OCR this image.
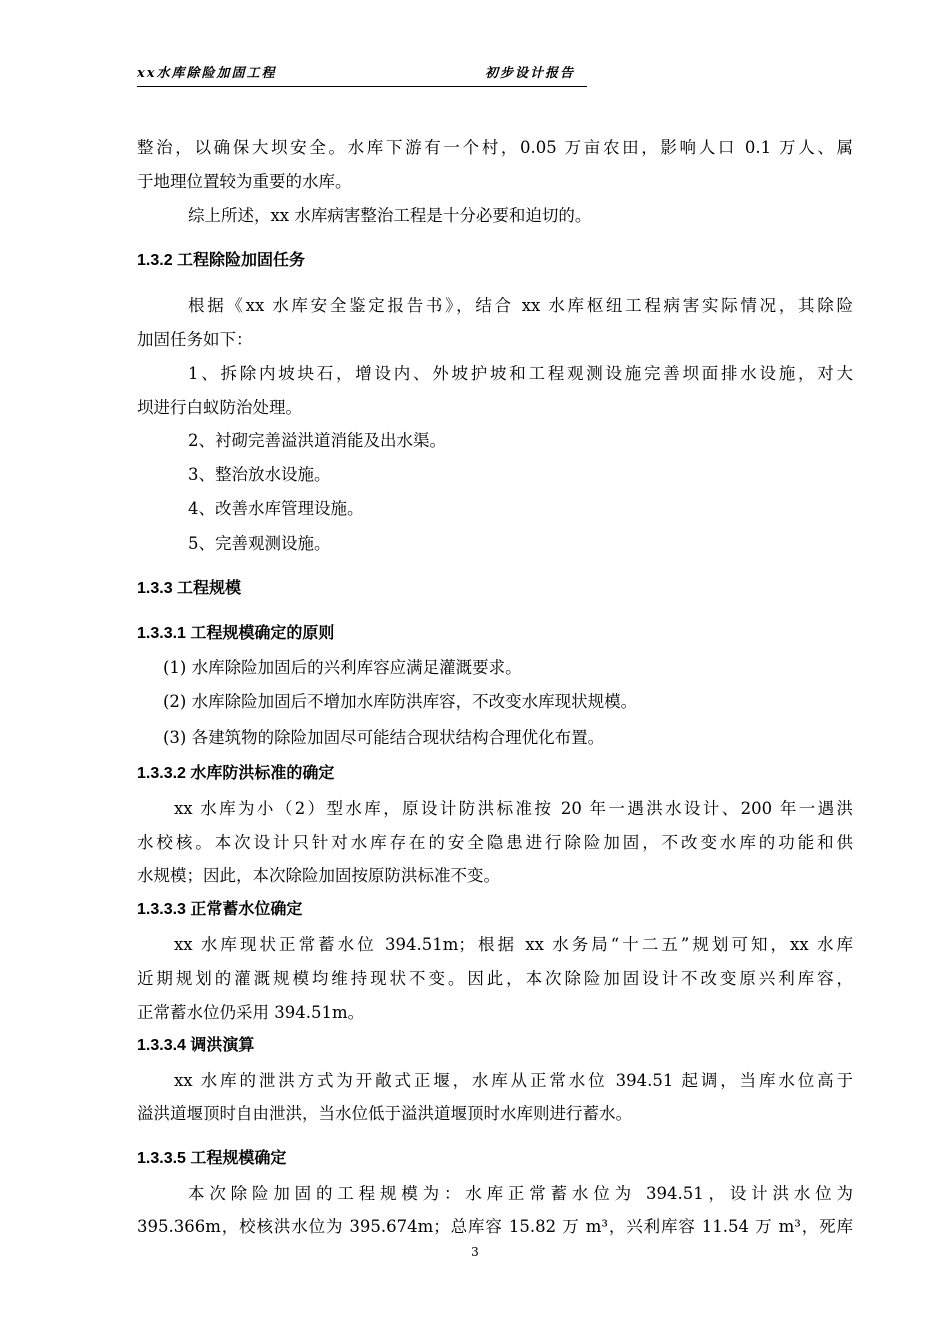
xx水库除险加固工程	初步设计报告
整治，以确保大坝安全。水库下游有一个村，0.05 万亩农田，影响人口 0.1 万人、属
于地理位置较为重要的水库。
综上所述，xx 水库病害整治工程是十分必要和迫切的。
1.3.2 工程除险加固任务
根据《xx 水库安全鉴定报告书》，结合 xx 水库枢纽工程病害实际情况，其除险
加固任务如下：
1、拆除内坡块石，增设内、外坡护坡和工程观测设施完善坝面排水设施，对大
坝进行白蚁防治处理。
2、衬砌完善溢洪道消能及出水渠。
3、整治放水设施。
4、改善水库管理设施。
5、完善观测设施。
1.3.3 工程规模
1.3.3.1 工程规模确定的原则
(1) 水库除险加固后的兴利库容应满足灌溉要求。
(2) 水库除险加固后不增加水库防洪库容，不改变水库现状规模。
(3) 各建筑物的除险加固尽可能结合现状结构合理优化布置。
1.3.3.2 水库防洪标准的确定
xx 水库为小（2）型水库，原设计防洪标准按 20 年一遇洪水设计、200 年一遇洪
水校核。本次设计只针对水库存在的安全隐患进行除险加固，不改变水库的功能和供
水规模；因此，本次除险加固按原防洪标准不变。
1.3.3.3 正常蓄水位确定
xx 水库现状正常蓄水位 394.51m；根据 xx 水务局“十二五”规划可知，xx 水库
近期规划的灌溉规模均维持现状不变。因此，本次除险加固设计不改变原兴利库容，
正常蓄水位仍采用 394.51m。
1.3.3.4 调洪演算
xx 水库的泄洪方式为开敞式正堰，水库从正常水位 394.51 起调，当库水位高于
溢洪道堰顶时自由泄洪，当水位低于溢洪道堰顶时水库则进行蓄水。
1.3.3.5 工程规模确定
本次除险加固的工程规模为：水库正常蓄水位为 394.51，设计洪水位为
395.366m，校核洪水位为 395.674m；总库容 15.82 万 m³，兴利库容 11.54 万 m³，死库
3
